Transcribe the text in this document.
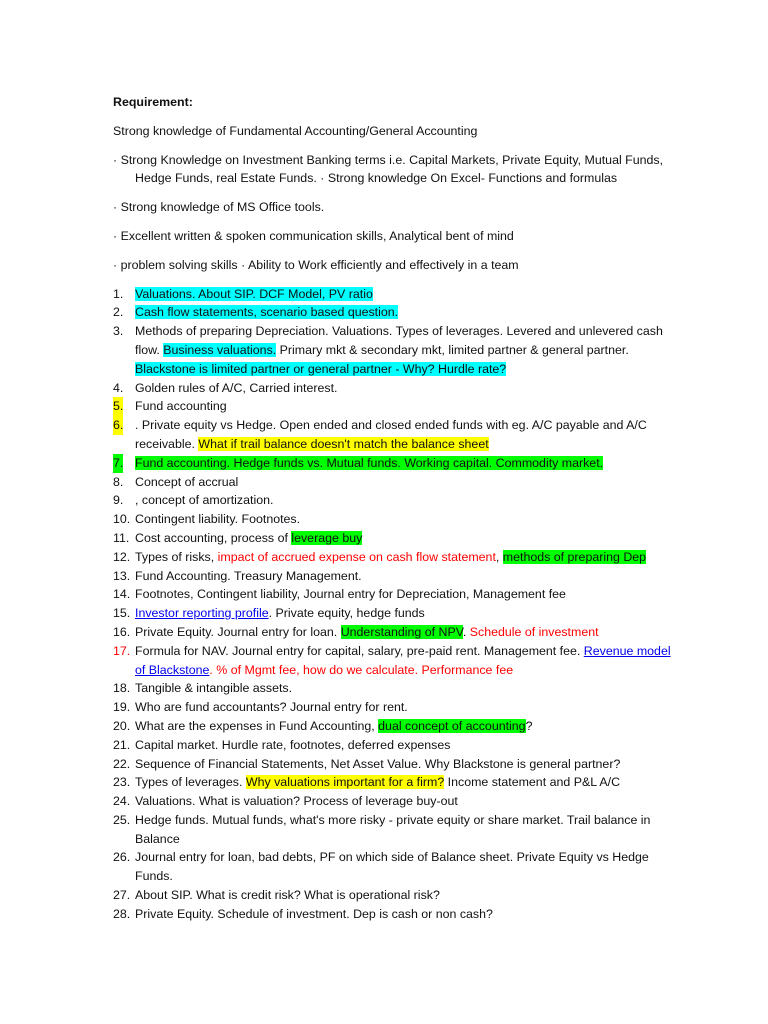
Requirement:
Strong knowledge of Fundamental Accounting/General Accounting
· Strong Knowledge on Investment Banking terms i.e. Capital Markets, Private Equity, Mutual Funds, Hedge Funds, real Estate Funds. · Strong knowledge On Excel- Functions and formulas
· Strong knowledge of MS Office tools.
· Excellent written & spoken communication skills, Analytical bent of mind
· problem solving skills · Ability to Work efficiently and effectively in a team
1. Valuations. About SIP. DCF Model, PV ratio
2. Cash flow statements, scenario based question.
3. Methods of preparing Depreciation. Valuations. Types of leverages. Levered and unlevered cash flow. Business valuations. Primary mkt & secondary mkt, limited partner & general partner. Blackstone is limited partner or general partner - Why? Hurdle rate?
4. Golden rules of A/C, Carried interest.
5. Fund accounting
6. . Private equity vs Hedge. Open ended and closed ended funds with eg. A/C payable and A/C receivable. What if trail balance doesn't match the balance sheet
7. Fund accounting. Hedge funds vs. Mutual funds. Working capital. Commodity market.
8. Concept of accrual
9. , concept of amortization.
10. Contingent liability. Footnotes.
11. Cost accounting, process of leverage buy
12. Types of risks, impact of accrued expense on cash flow statement, methods of preparing Dep
13. Fund Accounting. Treasury Management.
14. Footnotes, Contingent liability, Journal entry for Depreciation, Management fee
15. Investor reporting profile. Private equity, hedge funds
16. Private Equity. Journal entry for loan. Understanding of NPV. Schedule of investment
17. Formula for NAV. Journal entry for capital, salary, pre-paid rent. Management fee. Revenue model of Blackstone. % of Mgmt fee, how do we calculate. Performance fee
18. Tangible & intangible assets.
19. Who are fund accountants? Journal entry for rent.
20. What are the expenses in Fund Accounting, dual concept of accounting?
21. Capital market. Hurdle rate, footnotes, deferred expenses
22. Sequence of Financial Statements, Net Asset Value. Why Blackstone is general partner?
23. Types of leverages. Why valuations important for a firm? Income statement and P&L A/C
24. Valuations. What is valuation? Process of leverage buy-out
25. Hedge funds. Mutual funds, what's more risky - private equity or share market. Trail balance in Balance
26. Journal entry for loan, bad debts, PF on which side of Balance sheet. Private Equity vs Hedge Funds.
27. About SIP. What is credit risk? What is operational risk?
28. Private Equity. Schedule of investment. Dep is cash or non cash?
